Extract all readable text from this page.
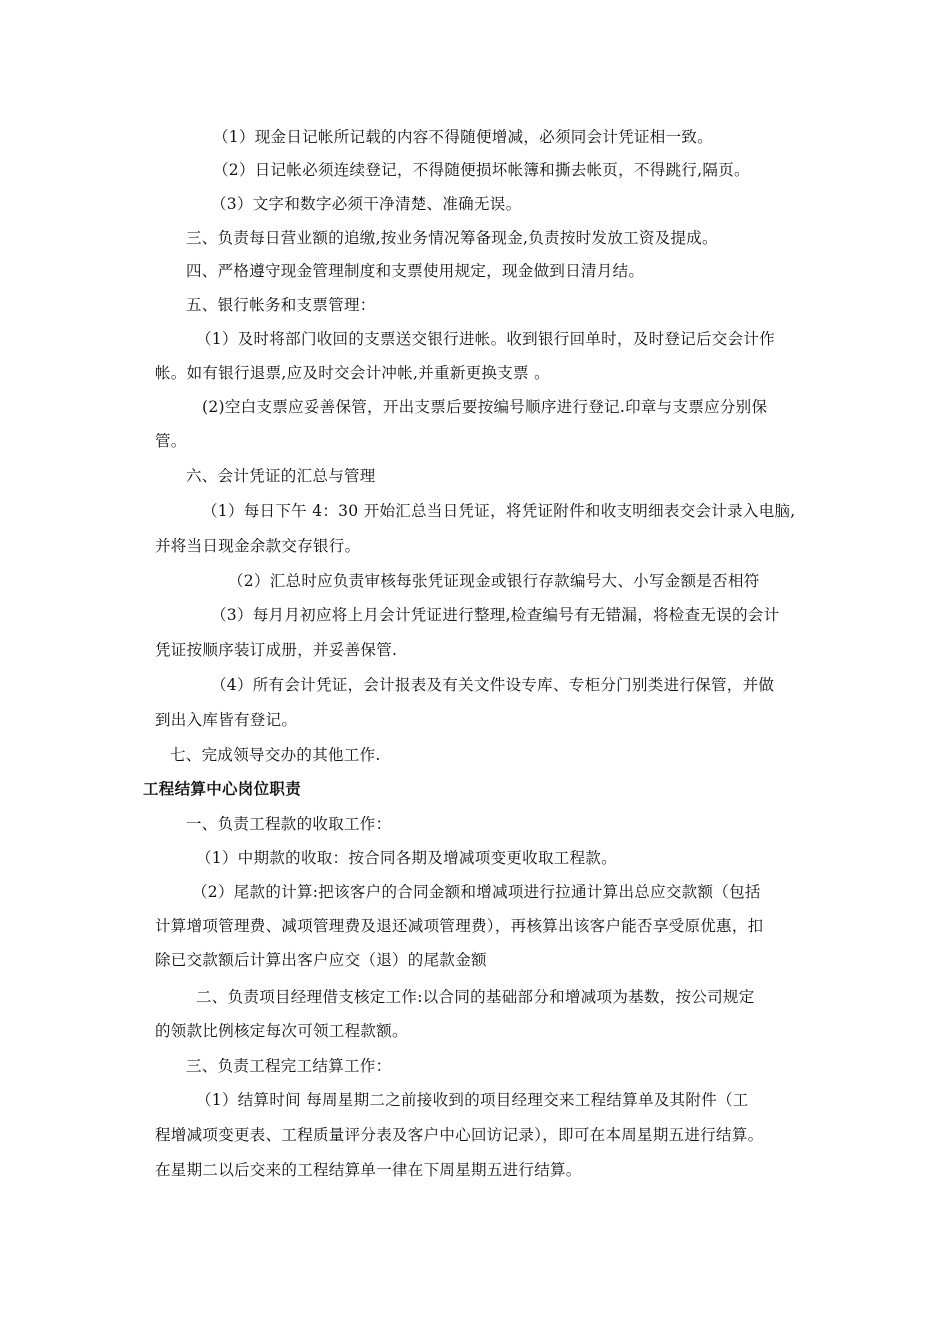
（1）现金日记帐所记载的内容不得随便增减，必须同会计凭证相一致。
（2）日记帐必须连续登记，不得随便损坏帐簿和撕去帐页，不得跳行,隔页。
（3）文字和数字必须干净清楚、准确无误。
三、负责每日营业额的追缴,按业务情况筹备现金,负责按时发放工资及提成。
四、严格遵守现金管理制度和支票使用规定，现金做到日清月结。
五、银行帐务和支票管理：
（1）及时将部门收回的支票送交银行进帐。收到银行回单时，及时登记后交会计作
帐。如有银行退票,应及时交会计冲帐,并重新更换支票 。
(2)空白支票应妥善保管，开出支票后要按编号顺序进行登记.印章与支票应分别保
管。
六、会计凭证的汇总与管理
（1）每日下午 4：30 开始汇总当日凭证，将凭证附件和收支明细表交会计录入电脑,
并将当日现金余款交存银行。
（2）汇总时应负责审核每张凭证现金或银行存款编号大、小写金额是否相符
（3）每月月初应将上月会计凭证进行整理,检查编号有无错漏，将检查无误的会计
凭证按顺序装订成册，并妥善保管.
（4）所有会计凭证，会计报表及有关文件设专库、专柜分门别类进行保管，并做
到出入库皆有登记。
七、完成领导交办的其他工作.
工程结算中心岗位职责
一、负责工程款的收取工作：
（1）中期款的收取：按合同各期及增减项变更收取工程款。
（2）尾款的计算:把该客户的合同金额和增减项进行拉通计算出总应交款额（包括
计算增项管理费、减项管理费及退还减项管理费），再核算出该客户能否享受原优惠，扣
除已交款额后计算出客户应交（退）的尾款金额
二、负责项目经理借支核定工作:以合同的基础部分和增减项为基数，按公司规定
的领款比例核定每次可领工程款额。
三、负责工程完工结算工作：
（1）结算时间 每周星期二之前接收到的项目经理交来工程结算单及其附件（工
程增减项变更表、工程质量评分表及客户中心回访记录），即可在本周星期五进行结算。
在星期二以后交来的工程结算单一律在下周星期五进行结算。
